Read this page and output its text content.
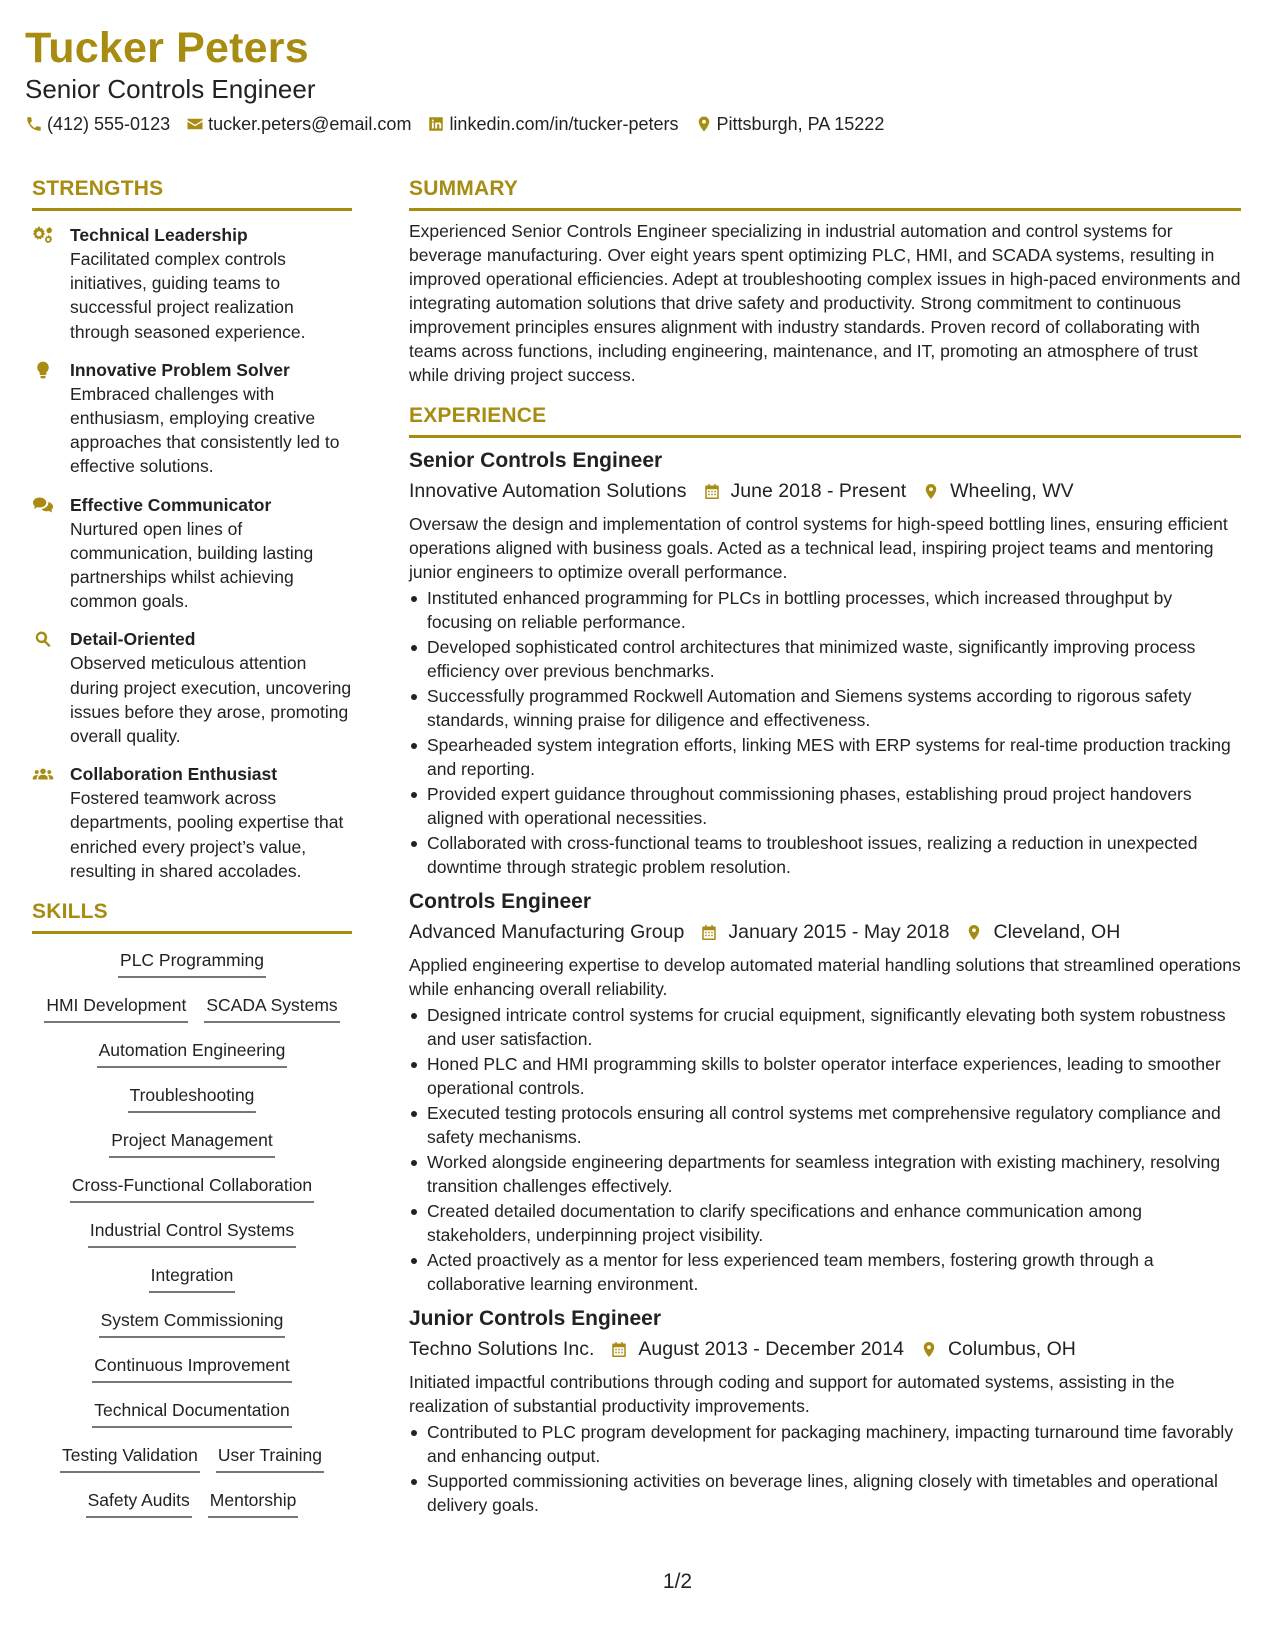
Tucker Peters
Senior Controls Engineer
(412) 555-0123 tucker.peters@email.com linkedin.com/in/tucker-peters Pittsburgh, PA 15222
STRENGTHS
Technical Leadership
Facilitated complex controls initiatives, guiding teams to successful project realization through seasoned experience.
Innovative Problem Solver
Embraced challenges with enthusiasm, employing creative approaches that consistently led to effective solutions.
Effective Communicator
Nurtured open lines of communication, building lasting partnerships whilst achieving common goals.
Detail-Oriented
Observed meticulous attention during project execution, uncovering issues before they arose, promoting overall quality.
Collaboration Enthusiast
Fostered teamwork across departments, pooling expertise that enriched every project’s value, resulting in shared accolades.
SKILLS
PLC Programming
HMI Development SCADA Systems
Automation Engineering
Troubleshooting
Project Management
Cross-Functional Collaboration
Industrial Control Systems
Integration
System Commissioning
Continuous Improvement
Technical Documentation
Testing Validation User Training
Safety Audits Mentorship
SUMMARY
Experienced Senior Controls Engineer specializing in industrial automation and control systems for beverage manufacturing. Over eight years spent optimizing PLC, HMI, and SCADA systems, resulting in improved operational efficiencies. Adept at troubleshooting complex issues in high-paced environments and integrating automation solutions that drive safety and productivity. Strong commitment to continuous improvement principles ensures alignment with industry standards. Proven record of collaborating with teams across functions, including engineering, maintenance, and IT, promoting an atmosphere of trust while driving project success.
EXPERIENCE
Senior Controls Engineer
Innovative Automation Solutions June 2018 - Present Wheeling, WV
Oversaw the design and implementation of control systems for high-speed bottling lines, ensuring efficient operations aligned with business goals. Acted as a technical lead, inspiring project teams and mentoring junior engineers to optimize overall performance.
Instituted enhanced programming for PLCs in bottling processes, which increased throughput by focusing on reliable performance.
Developed sophisticated control architectures that minimized waste, significantly improving process efficiency over previous benchmarks.
Successfully programmed Rockwell Automation and Siemens systems according to rigorous safety standards, winning praise for diligence and effectiveness.
Spearheaded system integration efforts, linking MES with ERP systems for real-time production tracking and reporting.
Provided expert guidance throughout commissioning phases, establishing proud project handovers aligned with operational necessities.
Collaborated with cross-functional teams to troubleshoot issues, realizing a reduction in unexpected downtime through strategic problem resolution.
Controls Engineer
Advanced Manufacturing Group January 2015 - May 2018 Cleveland, OH
Applied engineering expertise to develop automated material handling solutions that streamlined operations while enhancing overall reliability.
Designed intricate control systems for crucial equipment, significantly elevating both system robustness and user satisfaction.
Honed PLC and HMI programming skills to bolster operator interface experiences, leading to smoother operational controls.
Executed testing protocols ensuring all control systems met comprehensive regulatory compliance and safety mechanisms.
Worked alongside engineering departments for seamless integration with existing machinery, resolving transition challenges effectively.
Created detailed documentation to clarify specifications and enhance communication among stakeholders, underpinning project visibility.
Acted proactively as a mentor for less experienced team members, fostering growth through a collaborative learning environment.
Junior Controls Engineer
Techno Solutions Inc. August 2013 - December 2014 Columbus, OH
Initiated impactful contributions through coding and support for automated systems, assisting in the realization of substantial productivity improvements.
Contributed to PLC program development for packaging machinery, impacting turnaround time favorably and enhancing output.
Supported commissioning activities on beverage lines, aligning closely with timetables and operational delivery goals.
1/2
